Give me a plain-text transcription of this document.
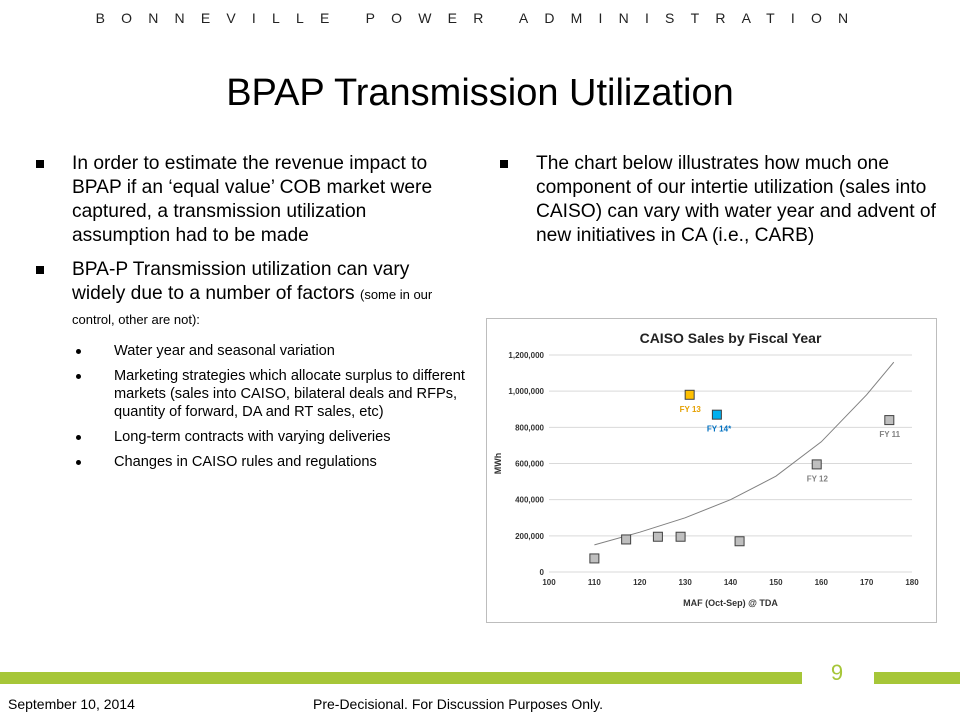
BONNEVILLE POWER ADMINISTRATION
BPAP Transmission Utilization
In order to estimate the revenue impact to BPAP if an ‘equal value’ COB market were captured, a transmission utilization assumption had to be made
BPA-P Transmission utilization can vary widely due to a number of factors (some in our control, other are not):
Water year and seasonal variation
Marketing strategies which allocate surplus to different markets (sales into CAISO, bilateral deals and RFPs, quantity of forward, DA and RT sales, etc)
Long-term contracts with varying deliveries
Changes in CAISO rules and regulations
The chart below illustrates how much one component of our intertie utilization (sales into CAISO) can vary with water year and advent of new initiatives in CA (i.e., CARB)
CAISO Sales by Fiscal Year
0
200,000
400,000
600,000
800,000
1,000,000
1,200,000
100	110	120	130	140	150	160	170	180
MAF (Oct-Sep) @ TDA
MWh
FY 12
FY 11
FY 13
FY 14*
9
September 10, 2014	Pre-Decisional. For Discussion Purposes Only.
